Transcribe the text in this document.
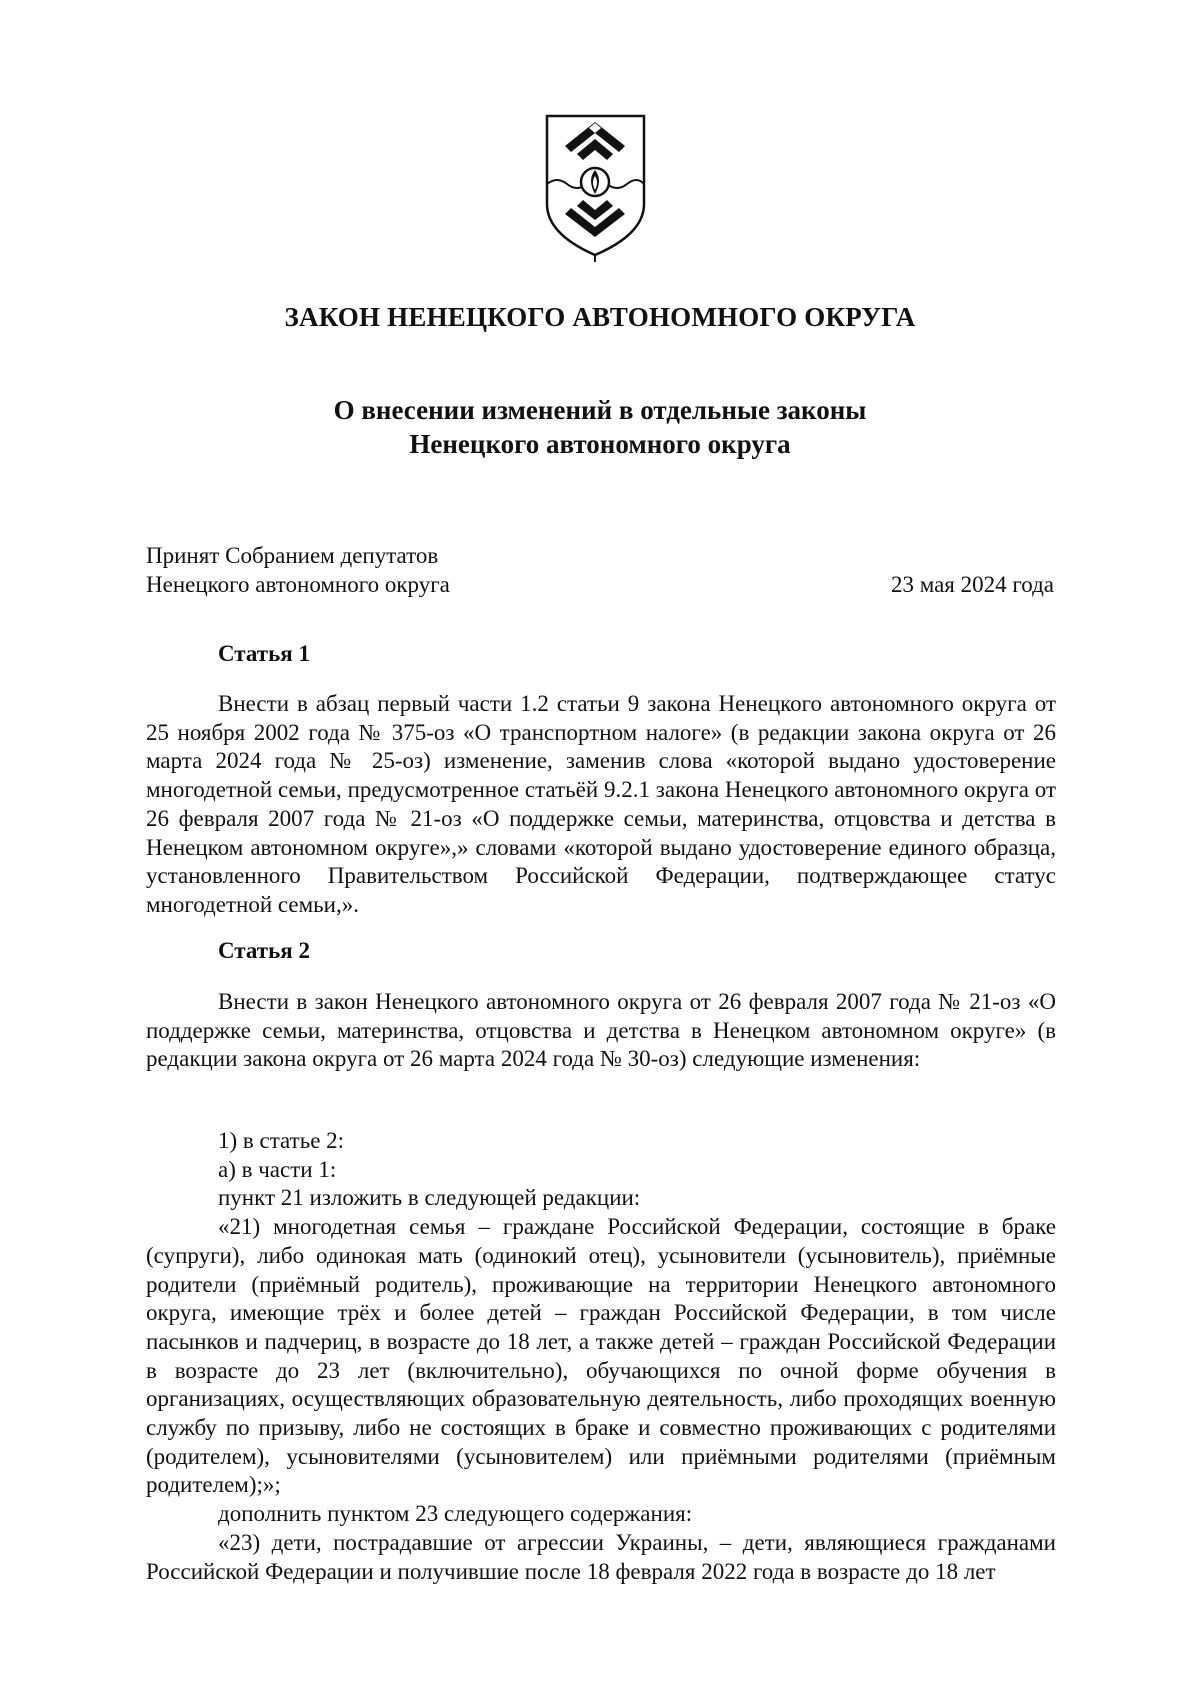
ЗАКОН НЕНЕЦКОГО АВТОНОМНОГО ОКРУГА
О внесении изменений в отдельные законы
Ненецкого автономного округа
Принят Собранием депутатов
Ненецкого автономного округа	23 мая 2024 года
Статья 1

Внести в абзац первый части 1.2 статьи 9 закона Ненецкого автономного округа от 25 ноября 2002 года № 375-оз «О транспортном налоге» (в редакции закона округа от 26 марта 2024 года № 25-оз) изменение, заменив слова «которой выдано удостоверение многодетной семьи, предусмотренное статьёй 9.2.1 закона Ненецкого автономного округа от 26 февраля 2007 года № 21-оз «О поддержке семьи, материнства, отцовства и детства в Ненецком автономном округе»,» словами «которой выдано удостоверение единого образца, установленного Правительством Российской Федерации, подтверждающее статус многодетной семьи,».

Статья 2

Внести в закон Ненецкого автономного округа от 26 февраля 2007 года № 21-оз «О поддержке семьи, материнства, отцовства и детства в Ненецком автономном округе» (в редакции закона округа от 26 марта 2024 года № 30-оз) следующие изменения:

1) в статье 2:

а) в части 1:

пункт 21 изложить в следующей редакции:

«21) многодетная семья – граждане Российской Федерации, состоящие в браке (супруги), либо одинокая мать (одинокий отец), усыновители (усыновитель), приёмные родители (приёмный родитель), проживающие на территории Ненецкого автономного округа, имеющие трёх и более детей – граждан Российской Федерации, в том числе пасынков и падчериц, в возрасте до 18 лет, а также детей – граждан Российской Федерации в возрасте до 23 лет (включительно), обучающихся по очной форме обучения в организациях, осуществляющих образовательную деятельность, либо проходящих военную службу по призыву, либо не состоящих в браке и совместно проживающих с родителями (родителем), усыновителями (усыновителем) или приёмными родителями (приёмным родителем);»;

дополнить пунктом 23 следующего содержания:

«23) дети, пострадавшие от агрессии Украины, – дети, являющиеся гражданами Российской Федерации и получившие после 18 февраля 2022 года в возрасте до 18 лет
